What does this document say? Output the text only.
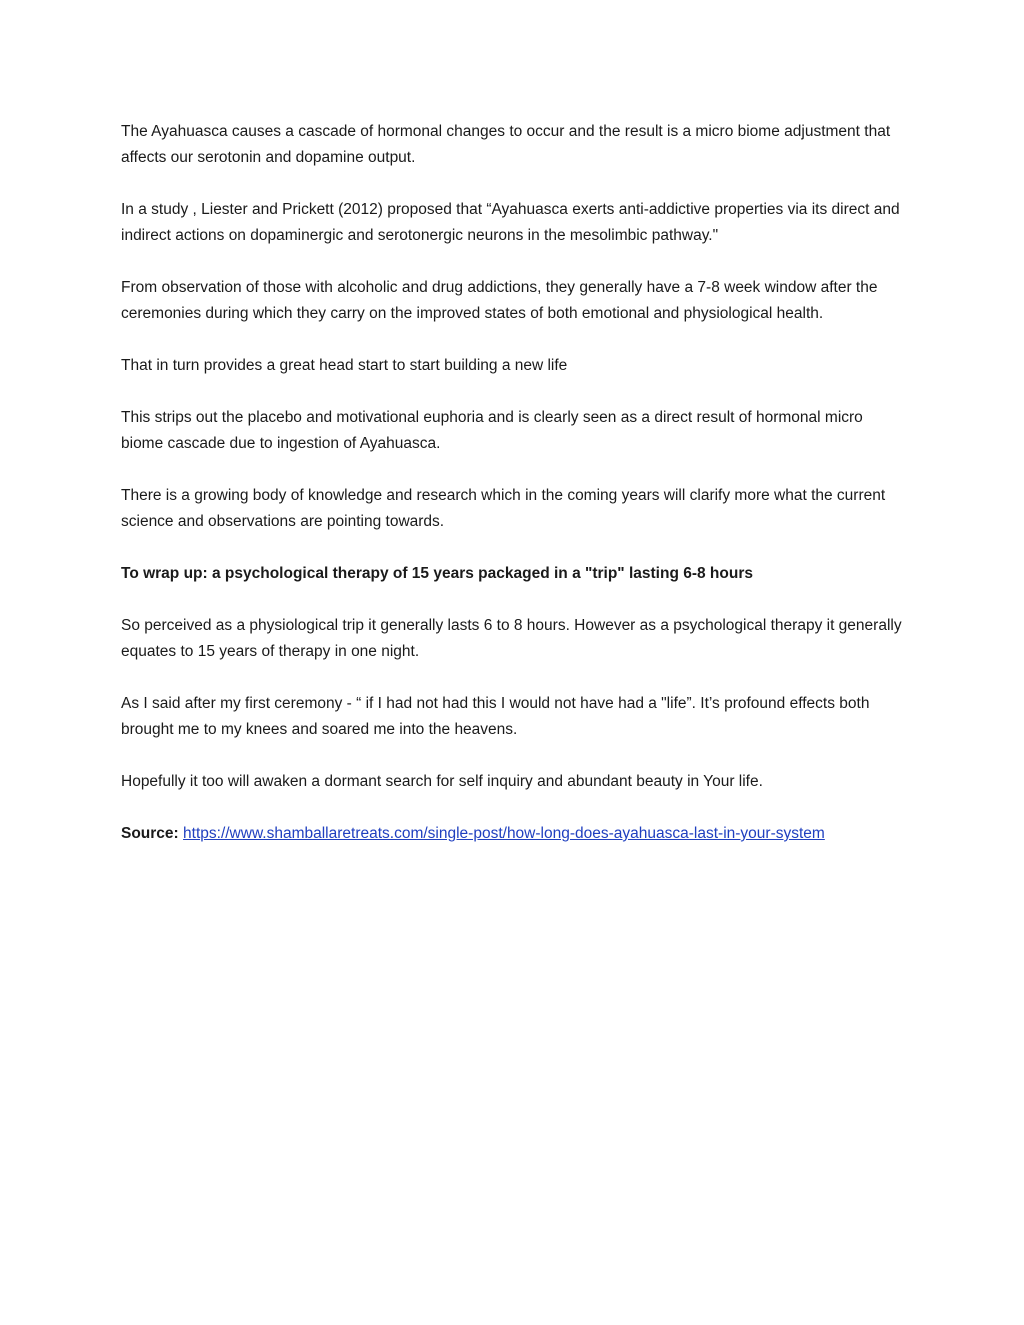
The Ayahuasca causes a cascade of hormonal changes to occur and the result is a micro biome adjustment that affects our serotonin and dopamine output.

In a study , Liester and Prickett (2012) proposed that “Ayahuasca exerts anti-addictive properties via its direct and indirect actions on dopaminergic and serotonergic neurons in the mesolimbic pathway."

From observation of those with alcoholic and drug addictions, they generally have a 7-8 week window after the ceremonies during which they carry on the improved states of both emotional and physiological health.

That in turn provides a great head start to start building a new life

This strips out the placebo and motivational euphoria and is clearly seen as a direct result of hormonal micro biome cascade due to ingestion of Ayahuasca.

There is a growing body of knowledge and research which in the coming years will clarify more what the current science and observations are pointing towards.

To wrap up: a psychological therapy of 15 years packaged in a "trip" lasting 6-8 hours

So perceived as a physiological trip it generally lasts 6 to 8 hours. However as a psychological therapy it generally equates to 15 years of therapy in one night.

As I said after my first ceremony - “ if I had not had this I would not have had a "life”. It’s profound effects both brought me to my knees and soared me into the heavens.

Hopefully it too will awaken a dormant search for self inquiry and abundant beauty in Your life.

Source: https://www.shamballaretreats.com/single-post/how-long-does-ayahuasca-last-in-your-system
